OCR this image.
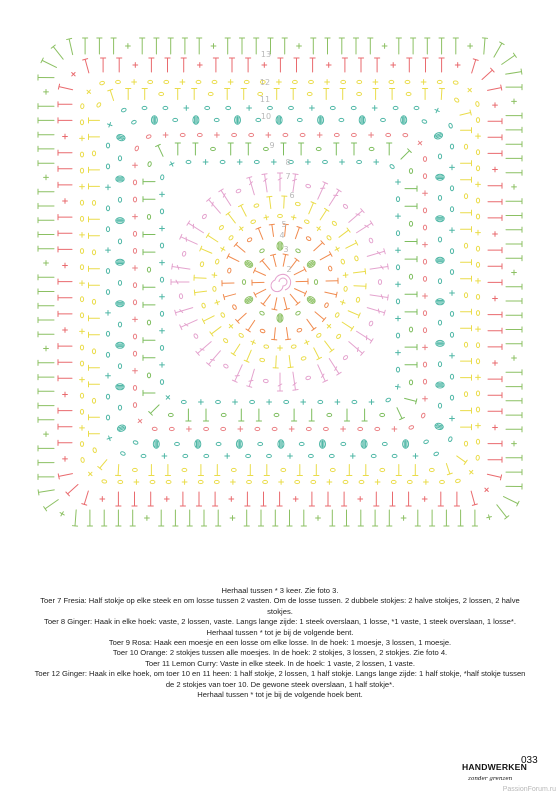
13
12
11
10
9
8
7
6
5
4
3
2

Herhaal tussen * 3 keer. Zie foto 3.

Toer 7 Fresia: Half stokje op elke steek en om losse tussen 2 vasten. Om de losse tussen. 2 dubbele stokjes: 2 halve stokjes, 2 lossen, 2 halve stokjes.

Toer 8 Ginger: Haak in elke hoek: vaste, 2 lossen, vaste. Langs lange zijde: 1 steek overslaan, 1 losse, *1 vaste, 1 steek overslaan, 1 losse*. Herhaal tussen * tot je bij de volgende bent.

Toer 9 Rosa: Haak een moesje en een losse om elke losse. In de hoek: 1 moesje, 3 lossen, 1 moesje.

Toer 10 Orange: 2 stokjes tussen alle moesjes. In de hoek: 2 stokjes, 3 lossen, 2 stokjes. Zie foto 4.

Toer 11 Lemon Curry: Vaste in elke steek. In de hoek: 1 vaste, 2 lossen, 1 vaste.

Toer 12 Ginger: Haak in elke hoek, om toer 10 en 11 heen: 1 half stokje, 2 lossen, 1 half stokje. Langs lange zijde: 1 half stokje, *half stokje tussen de 2 stokjes van toer 10. De gewone steek overslaan, 1 half stokje*.

Herhaal tussen * tot je bij de volgende hoek bent.

HANDWERKEN
zonder grenzen
033
PassionForum.ru
